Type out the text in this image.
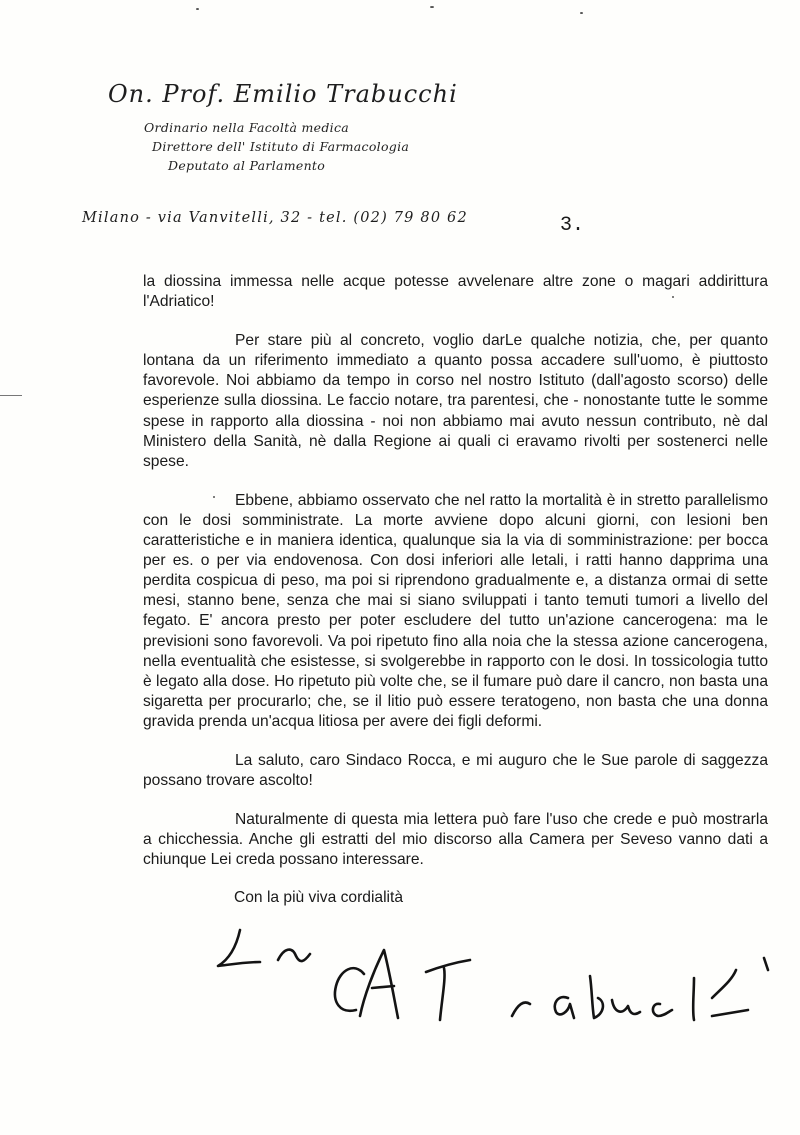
On. Prof. Emilio Trabucchi
Ordinario nella Facoltà medica
Direttore dell' Istituto di Farmacologia
Deputato al Parlamento
Milano - via Vanvitelli, 32 - tel. (02) 79 80 62	3.

la diossina immessa nelle acque potesse avvelenare altre zone o magari addirittura l'Adriatico!

Per stare più al concreto, voglio darLe qualche notizia, che, per quanto lontana da un riferimento immediato a quanto possa accadere sull'uomo, è piuttosto favorevole. Noi abbiamo da tempo in corso nel nostro Istituto (dall'agosto scorso) delle esperienze sulla diossina. Le faccio notare, tra parentesi, che - nonostante tutte le somme spese in rapporto alla diossina - noi non abbiamo mai avuto nessun contributo, nè dal Ministero della Sanità, nè dalla Regione ai quali ci eravamo rivolti per sostenerci nelle spese.

Ebbene, abbiamo osservato che nel ratto la mortalità è in stretto parallelismo con le dosi somministrate. La morte avviene dopo alcuni giorni, con lesioni ben caratteristiche e in maniera identica, qualunque sia la via di somministrazione: per bocca per es. o per via endovenosa. Con dosi inferiori alle letali, i ratti hanno dapprima una perdita cospicua di peso, ma poi si riprendono gradualmente e, a distanza ormai di sette mesi, stanno bene, senza che mai si siano sviluppati i tanto temuti tumori a livello del fegato. E' ancora presto per poter escludere del tutto un'azione cancerogena: ma le previsioni sono favorevoli. Va poi ripetuto fino alla noia che la stessa azione cancerogena, nella eventualità che esistesse, si svolgerebbe in rapporto con le dosi. In tossicologia tutto è legato alla dose. Ho ripetuto più volte che, se il fumare può dare il cancro, non basta una sigaretta per procurarlo; che, se il litio può essere teratogeno, non basta che una donna gravida prenda un'acqua litiosa per avere dei figli deformi.

La saluto, caro Sindaco Rocca, e mi auguro che le Sue parole di saggezza possano trovare ascolto!

Naturalmente di questa mia lettera può fare l'uso che crede e può mostrarla a chicchessia. Anche gli estratti del mio discorso alla Camera per Seveso vanno dati a chiunque Lei creda possano interessare.

Con la più viva cordialità
